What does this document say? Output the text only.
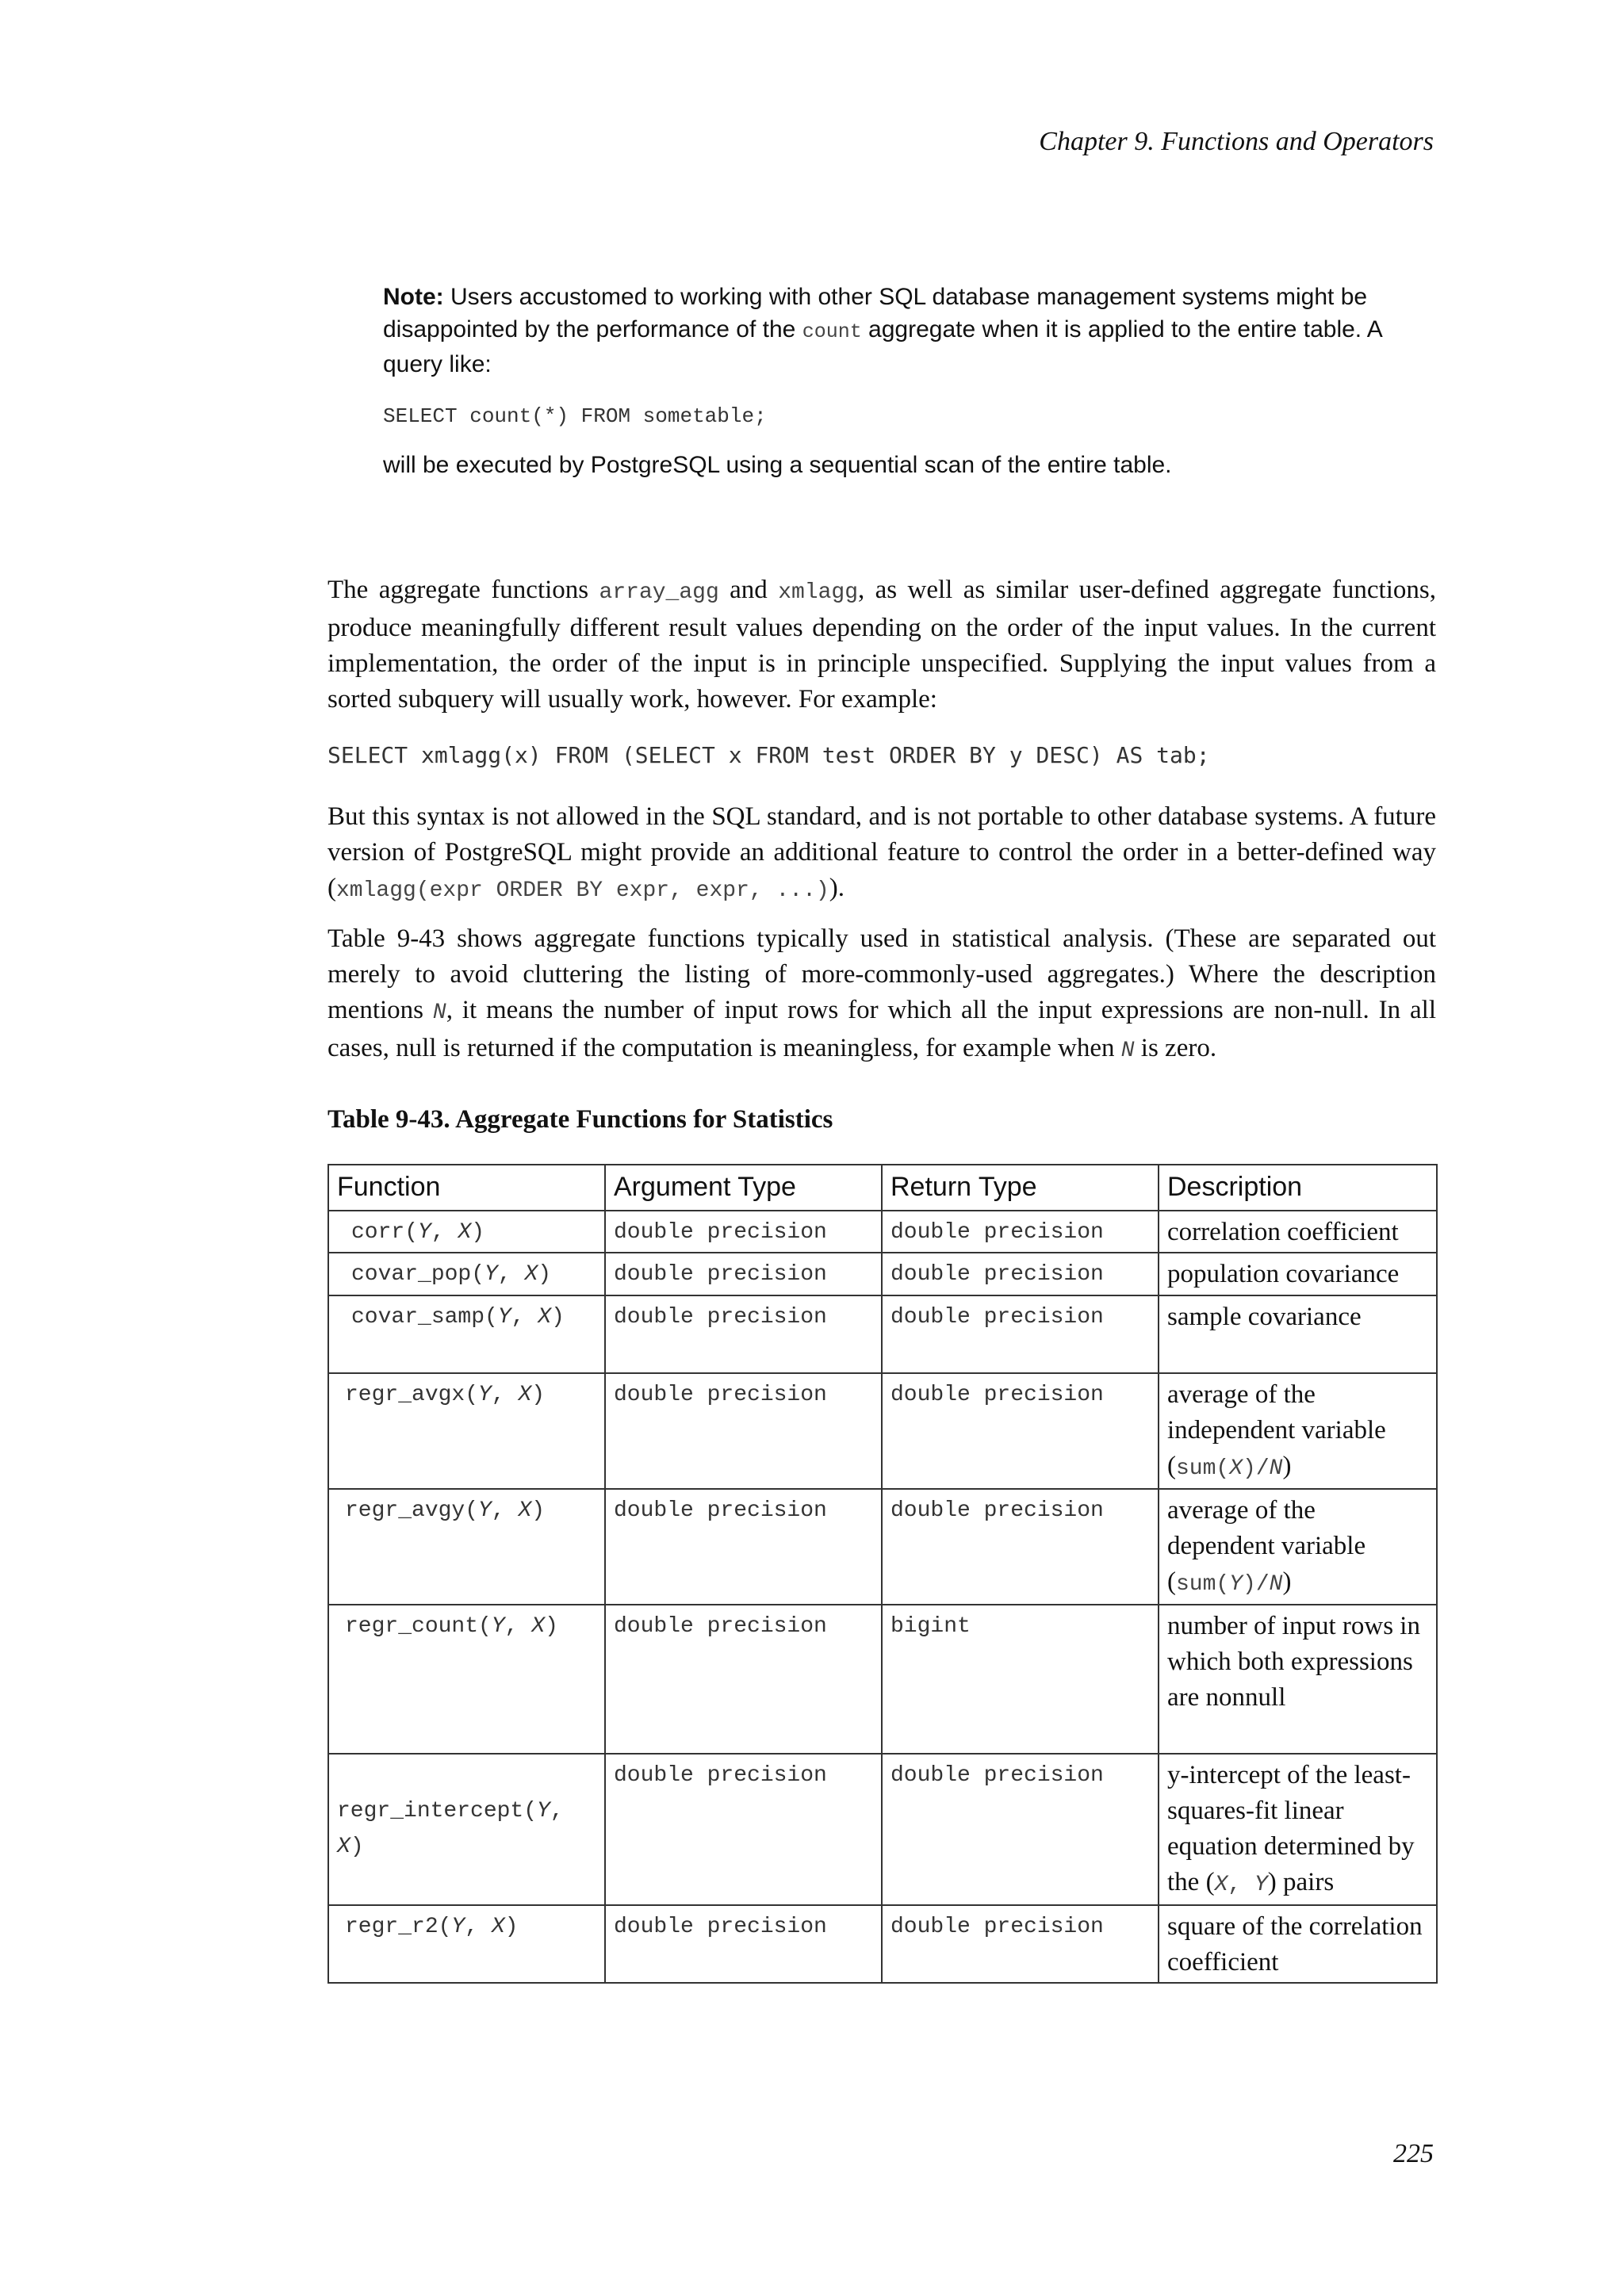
Chapter 9. Functions and Operators

Note: Users accustomed to working with other SQL database management systems might be disappointed by the performance of the count aggregate when it is applied to the entire table. A query like:

SELECT count(*) FROM sometable;

will be executed by PostgreSQL using a sequential scan of the entire table.

The aggregate functions array_agg and xmlagg, as well as similar user-defined aggregate functions, produce meaningfully different result values depending on the order of the input values. In the current implementation, the order of the input is in principle unspecified. Supplying the input values from a sorted subquery will usually work, however. For example:

SELECT xmlagg(x) FROM (SELECT x FROM test ORDER BY y DESC) AS tab;

But this syntax is not allowed in the SQL standard, and is not portable to other database systems. A future version of PostgreSQL might provide an additional feature to control the order in a better-defined way (xmlagg(expr ORDER BY expr, expr, ...)).

Table 9-43 shows aggregate functions typically used in statistical analysis. (These are separated out merely to avoid cluttering the listing of more-commonly-used aggregates.) Where the description mentions N, it means the number of input rows for which all the input expressions are non-null. In all cases, null is returned if the computation is meaningless, for example when N is zero.

Table 9-43. Aggregate Functions for Statistics
Function	Argument Type	Return Type	Description
corr(Y, X)	double precision	double precision	correlation coefficient
covar_pop(Y, X)	double precision	double precision	population covariance
covar_samp(Y, X)	double precision	double precision	sample covariance
regr_avgx(Y, X)	double precision	double precision	average of the independent variable (sum(X)/N)
regr_avgy(Y, X)	double precision	double precision	average of the dependent variable (sum(Y)/N)
regr_count(Y, X)	double precision	bigint	number of input rows in which both expressions are nonnull
regr_intercept(Y, X)	double precision	double precision	y-intercept of the least-squares-fit linear equation determined by the (X, Y) pairs
regr_r2(Y, X)	double precision	double precision	square of the correlation coefficient
225
